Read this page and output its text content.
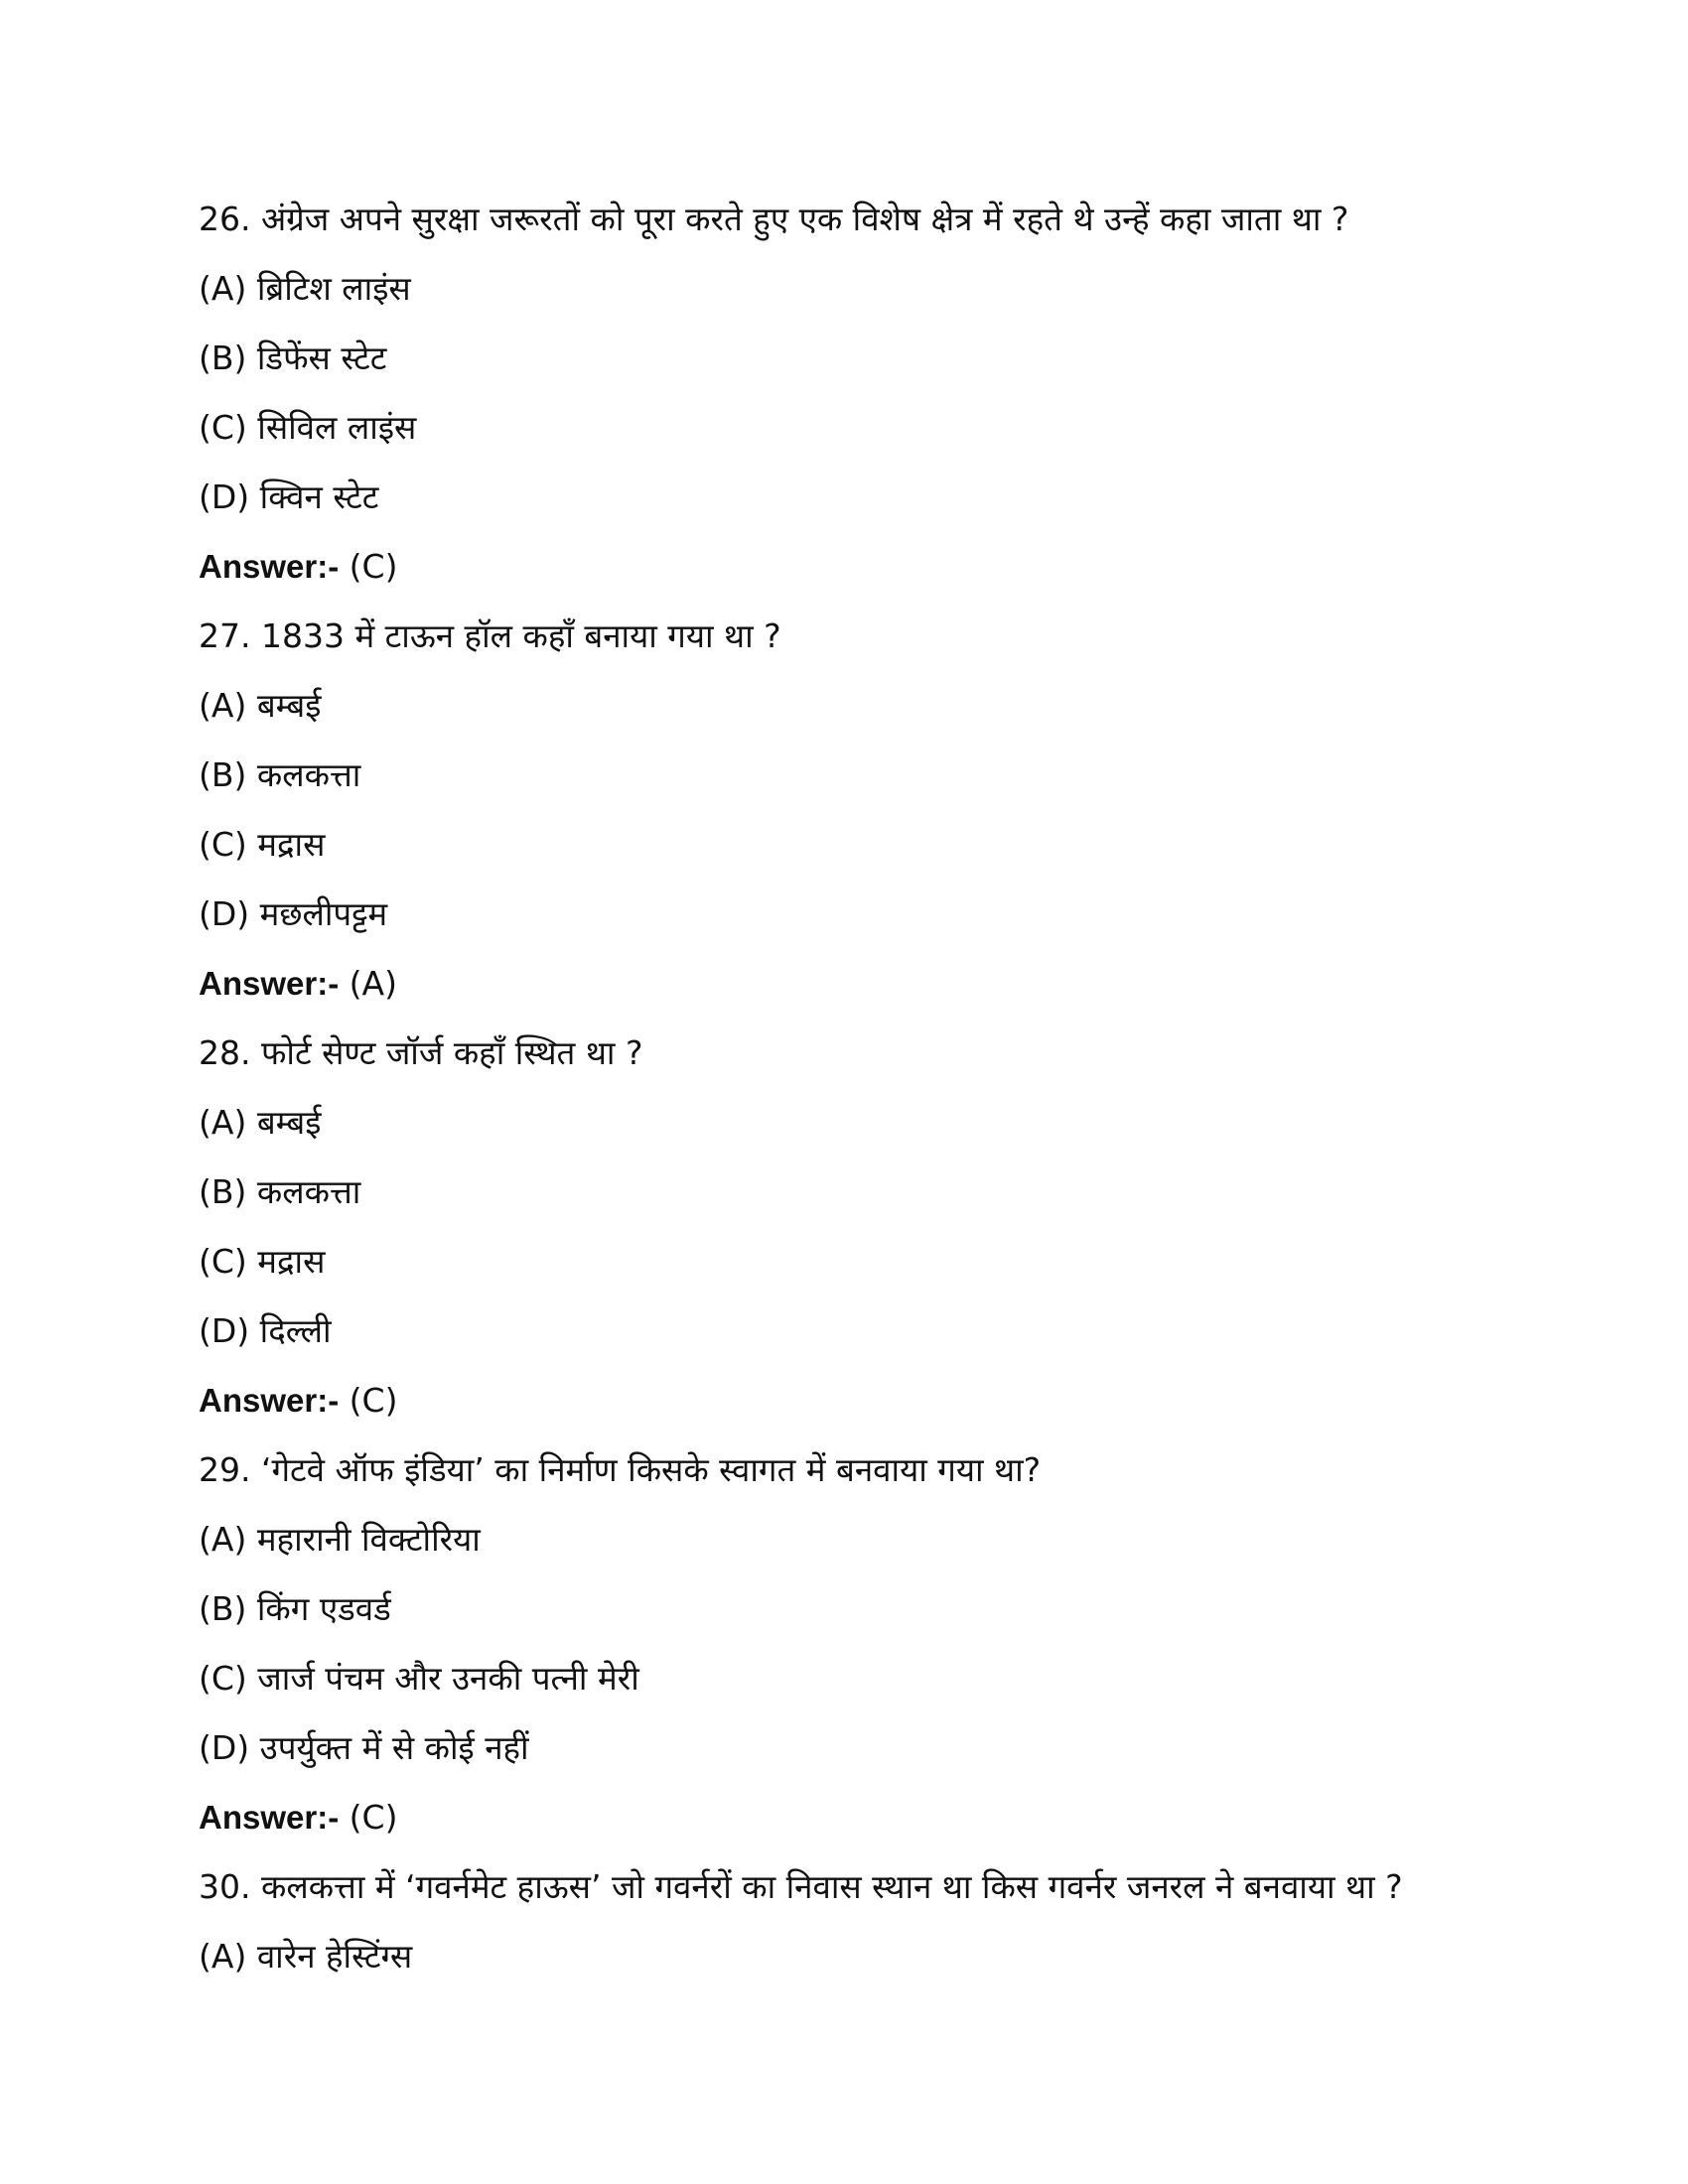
26. अंग्रेज अपने सुरक्षा जरूरतों को पूरा करते हुए एक विशेष क्षेत्र में रहते थे उन्हें कहा जाता था ?
(A) ब्रिटिश लाइंस
(B) डिफेंस स्टेट
(C) सिविल लाइंस
(D) क्विन स्टेट
Answer:- (C)
27. 1833 में टाऊन हॉल कहाँ बनाया गया था ?
(A) बम्बई
(B) कलकत्ता
(C) मद्रास
(D) मछलीपट्टम
Answer:- (A)
28. फोर्ट सेण्ट जॉर्ज कहाँ स्थित था ?
(A) बम्बई
(B) कलकत्ता
(C) मद्रास
(D) दिल्ली
Answer:- (C)
29. ‘गेटवे ऑफ इंडिया’ का निर्माण किसके स्वागत में बनवाया गया था?
(A) महारानी विक्टोरिया
(B) किंग एडवर्ड
(C) जार्ज पंचम और उनकी पत्नी मेरी
(D) उपर्युक्त में से कोई नहीं
Answer:- (C)
30. कलकत्ता में ‘गवर्नमेट हाऊस’ जो गवर्नरों का निवास स्थान था किस गवर्नर जनरल ने बनवाया था ?
(A) वारेन हेस्टिंग्स
